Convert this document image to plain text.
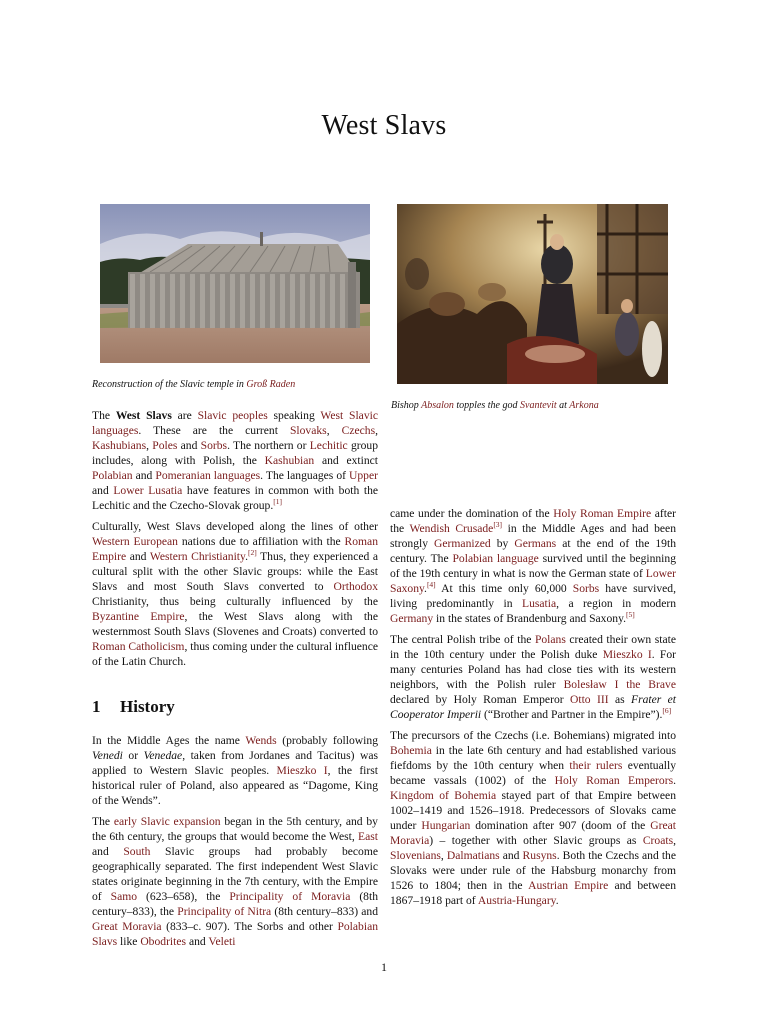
West Slavs
Reconstruction of the Slavic temple in Groß Raden
Bishop Absalon topples the god Svantevit at Arkona

The West Slavs are Slavic peoples speaking West Slavic languages. These are the current Slovaks, Czechs, Kashubians, Poles and Sorbs. The northern or Lechitic group includes, along with Polish, the Kashubian and extinct Polabian and Pomeranian languages. The languages of Upper and Lower Lusatia have features in common with both the Lechitic and the Czecho-Slovak group.[1]

Culturally, West Slavs developed along the lines of other Western European nations due to affiliation with the Roman Empire and Western Christianity.[2] Thus, they experienced a cultural split with the other Slavic groups: while the East Slavs and most South Slavs converted to Orthodox Christianity, thus being culturally influenced by the Byzantine Empire, the West Slavs along with the westernmost South Slavs (Slovenes and Croats) converted to Roman Catholicism, thus coming under the cultural influence of the Latin Church.

1 History

In the Middle Ages the name Wends (probably following Venedi or Venedae, taken from Jordanes and Tacitus) was applied to Western Slavic peoples. Mieszko I, the first historical ruler of Poland, also appeared as “Dagome, King of the Wends”.

The early Slavic expansion began in the 5th century, and by the 6th century, the groups that would become the West, East and South Slavic groups had probably become geographically separated. The first independent West Slavic states originate beginning in the 7th century, with the Empire of Samo (623–658), the Principality of Moravia (8th century–833), the Principality of Nitra (8th century–833) and Great Moravia (833–c. 907). The Sorbs and other Polabian Slavs like Obodrites and Veleti

came under the domination of the Holy Roman Empire after the Wendish Crusade[3] in the Middle Ages and had been strongly Germanized by Germans at the end of the 19th century. The Polabian language survived until the beginning of the 19th century in what is now the German state of Lower Saxony.[4] At this time only 60,000 Sorbs have survived, living predominantly in Lusatia, a region in modern Germany in the states of Brandenburg and Saxony.[5]

The central Polish tribe of the Polans created their own state in the 10th century under the Polish duke Mieszko I. For many centuries Poland has had close ties with its western neighbors, with the Polish ruler Bolesław I the Brave declared by Holy Roman Emperor Otto III as Frater et Cooperator Imperii (“Brother and Partner in the Empire”).[6]

The precursors of the Czechs (i.e. Bohemians) migrated into Bohemia in the late 6th century and had established various fiefdoms by the 10th century when their rulers eventually became vassals (1002) of the Holy Roman Emperors. Kingdom of Bohemia stayed part of that Empire between 1002–1419 and 1526–1918. Predecessors of Slovaks came under Hungarian domination after 907 (doom of the Great Moravia) – together with other Slavic groups as Croats, Slovenians, Dalmatians and Rusyns. Both the Czechs and the Slovaks were under rule of the Habsburg monarchy from 1526 to 1804; then in the Austrian Empire and between 1867–1918 part of Austria-Hungary.

1
